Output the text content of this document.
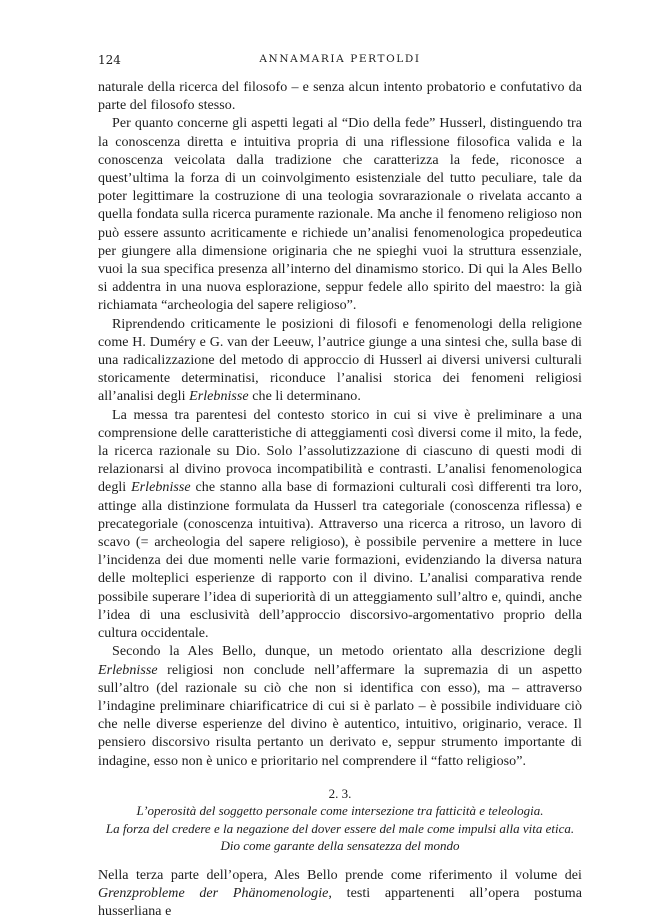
124	ANNAMARIA PERTOLDI

naturale della ricerca del filosofo – e senza alcun intento probatorio e confutativo da parte del filosofo stesso.

Per quanto concerne gli aspetti legati al “Dio della fede” Husserl, distinguendo tra la conoscenza diretta e intuitiva propria di una riflessione filosofica valida e la conoscenza veicolata dalla tradizione che caratterizza la fede, riconosce a quest’ultima la forza di un coinvolgimento esistenziale del tutto peculiare, tale da poter legittimare la costruzione di una teologia sovrarazionale o rivelata accanto a quella fondata sulla ricerca puramente razionale. Ma anche il fenomeno religioso non può essere assunto acriticamente e richiede un’analisi fenomenologica propedeutica per giungere alla dimensione originaria che ne spieghi vuoi la struttura essenziale, vuoi la sua specifica presenza all’interno del dinamismo storico. Di qui la Ales Bello si addentra in una nuova esplorazione, seppur fedele allo spirito del maestro: la già richiamata “archeologia del sapere religioso”.

Riprendendo criticamente le posizioni di filosofi e fenomenologi della religione come H. Duméry e G. van der Leeuw, l’autrice giunge a una sintesi che, sulla base di una radicalizzazione del metodo di approccio di Husserl ai diversi universi culturali storicamente determinatisi, riconduce l’analisi storica dei fenomeni religiosi all’analisi degli Erlebnisse che li determinano.

La messa tra parentesi del contesto storico in cui si vive è preliminare a una comprensione delle caratteristiche di atteggiamenti così diversi come il mito, la fede, la ricerca razionale su Dio. Solo l’assolutizzazione di ciascuno di questi modi di relazionarsi al divino provoca incompatibilità e contrasti. L’analisi fenomenologica degli Erlebnisse che stanno alla base di formazioni culturali così differenti tra loro, attinge alla distinzione formulata da Husserl tra categoriale (conoscenza riflessa) e precategoriale (conoscenza intuitiva). Attraverso una ricerca a ritroso, un lavoro di scavo (= archeologia del sapere religioso), è possibile pervenire a mettere in luce l’incidenza dei due momenti nelle varie formazioni, evidenziando la diversa natura delle molteplici esperienze di rapporto con il divino. L’analisi comparativa rende possibile superare l’idea di superiorità di un atteggiamento sull’altro e, quindi, anche l’idea di una esclusività dell’approccio discorsivo-argomentativo proprio della cultura occidentale.

Secondo la Ales Bello, dunque, un metodo orientato alla descrizione degli Erlebnisse religiosi non conclude nell’affermare la supremazia di un aspetto sull’altro (del razionale su ciò che non si identifica con esso), ma – attraverso l’indagine preliminare chiarificatrice di cui si è parlato – è possibile individuare ciò che nelle diverse esperienze del divino è autentico, intuitivo, originario, verace. Il pensiero discorsivo risulta pertanto un derivato e, seppur strumento importante di indagine, esso non è unico e prioritario nel comprendere il “fatto religioso”.

2. 3.
L’operosità del soggetto personale come intersezione tra fatticità e teleologia.
La forza del credere e la negazione del dover essere del male come impulsi alla vita etica.
Dio come garante della sensatezza del mondo

Nella terza parte dell’opera, Ales Bello prende come riferimento il volume dei Grenzprobleme der Phänomenologie, testi appartenenti all’opera postuma husserliana e
